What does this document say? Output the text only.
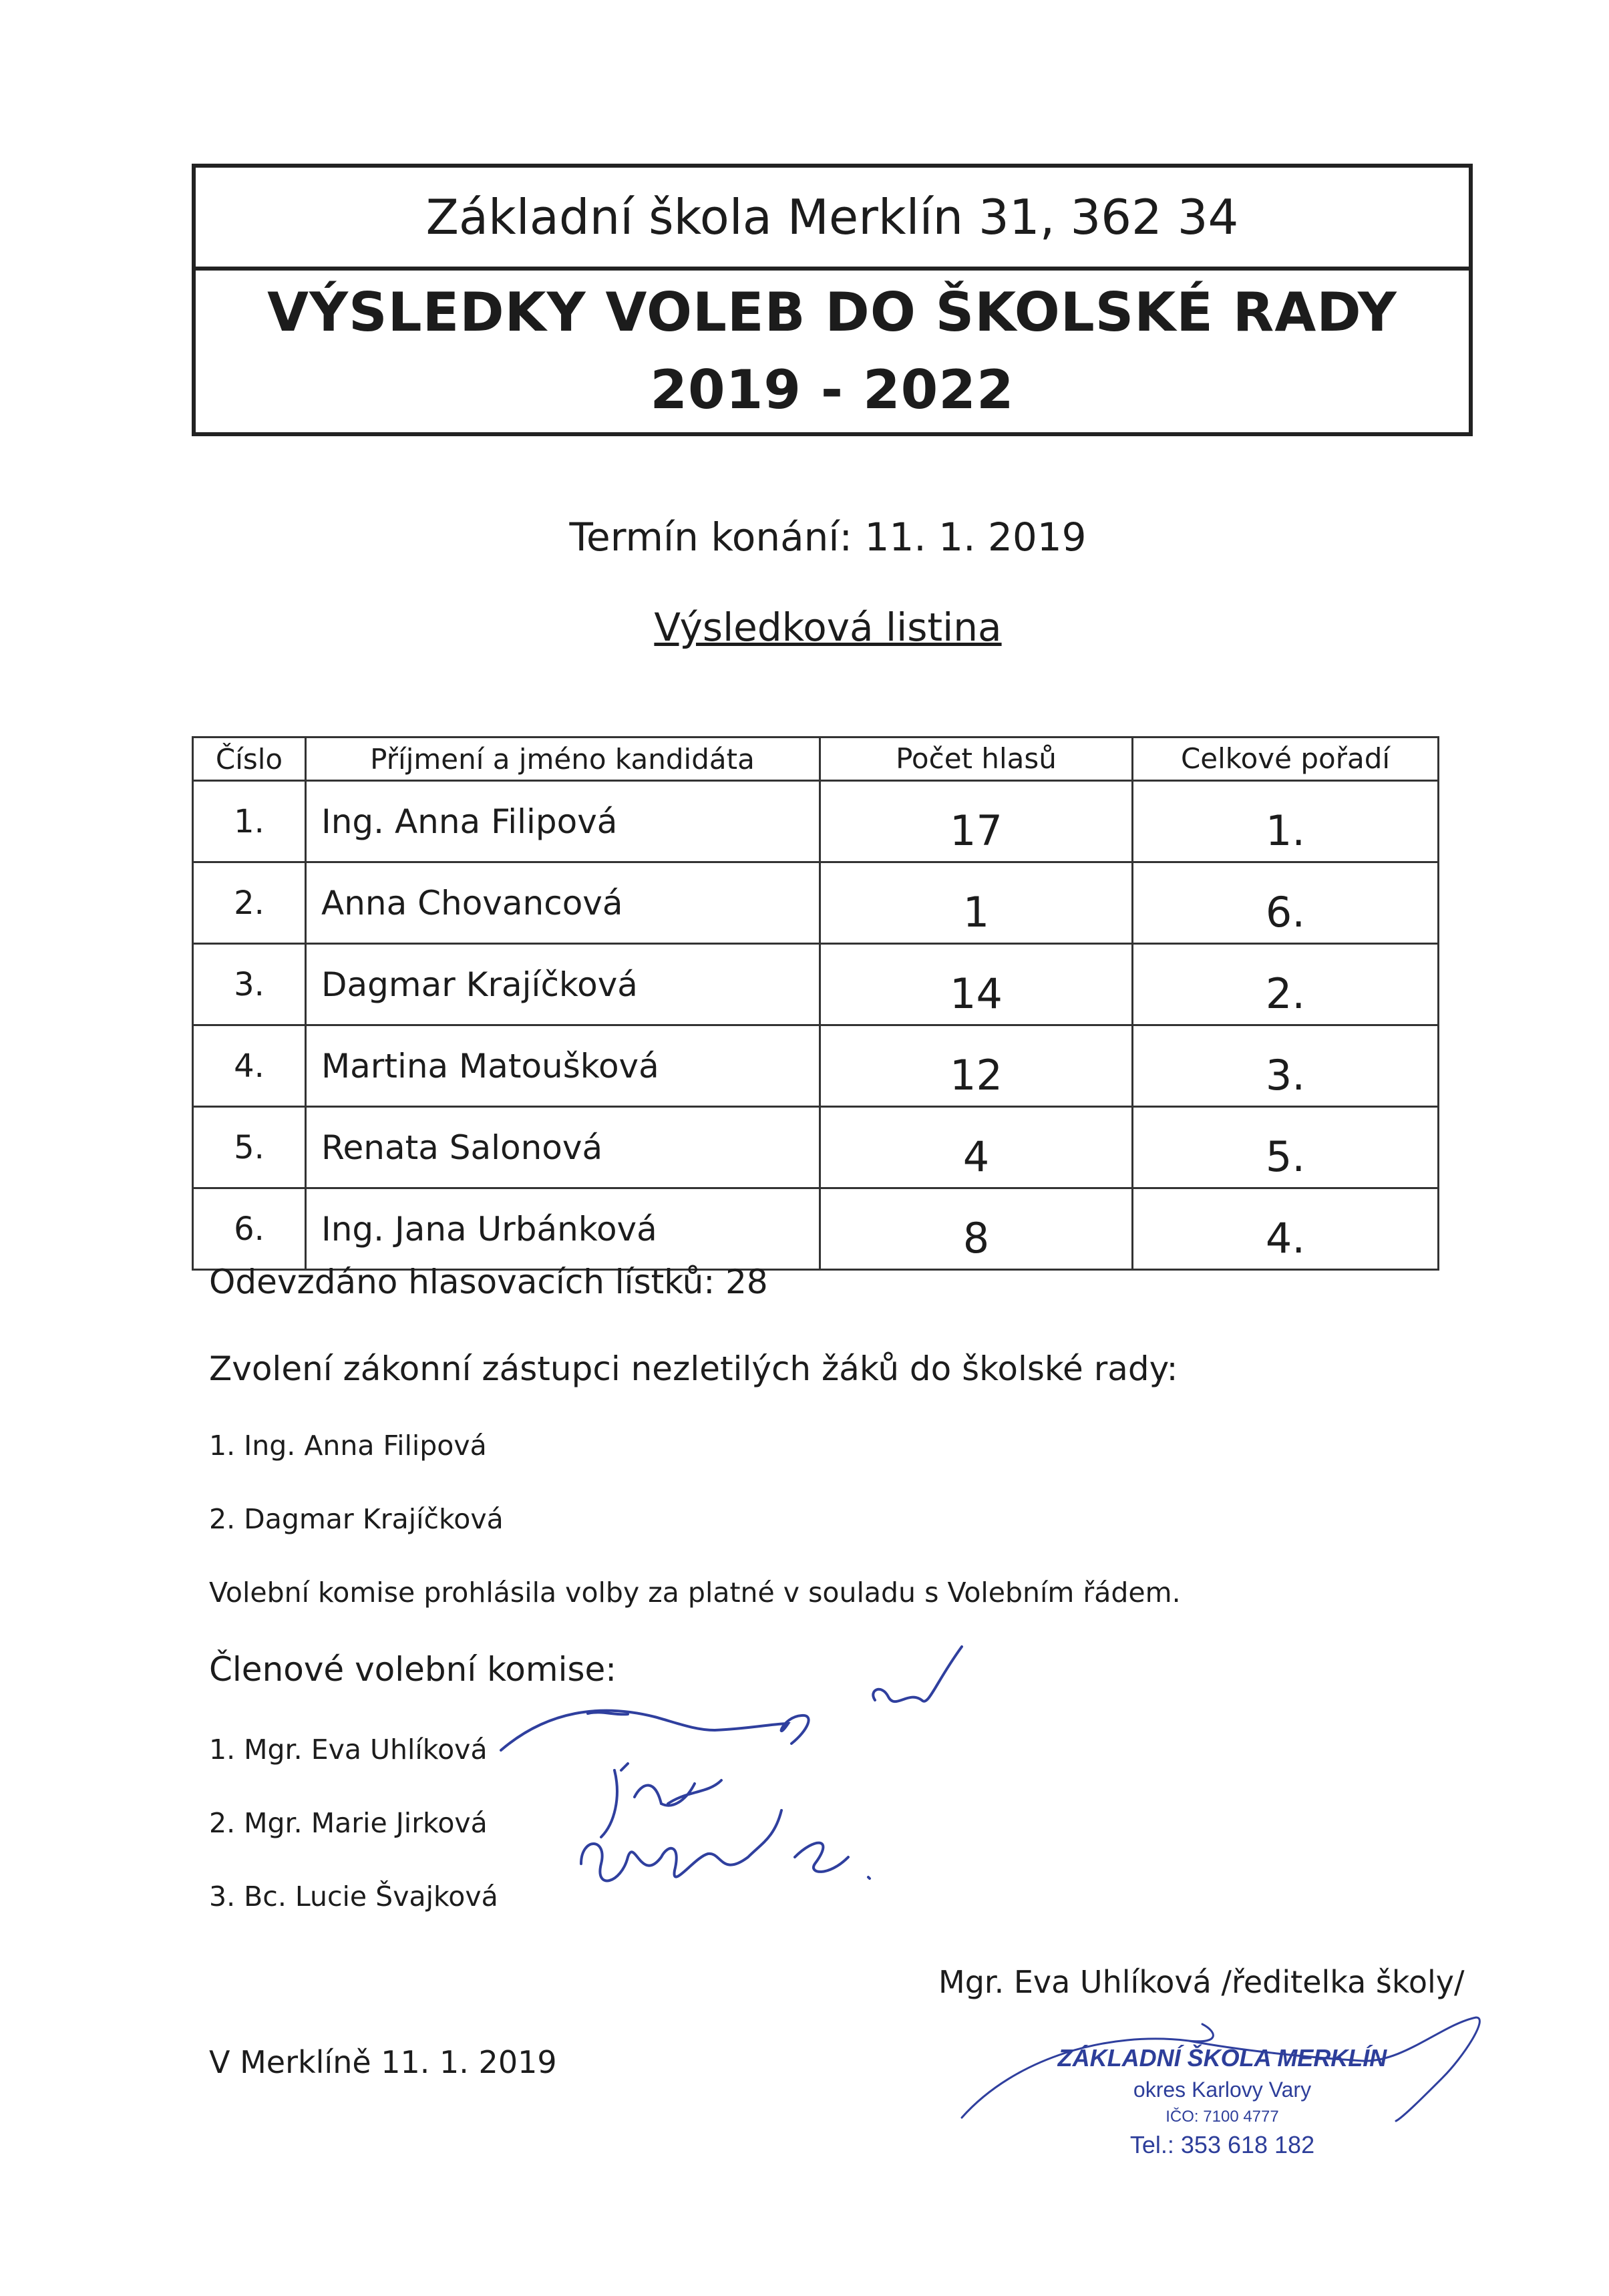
Základní škola Merklín 31, 362 34
VÝSLEDKY VOLEB DO ŠKOLSKÉ RADY
2019 - 2022
Termín konání: 11. 1. 2019
Výsledková listina
Číslo	Příjmení a jméno kandidáta	Počet hlasů	Celkové pořadí
1.	Ing. Anna Filipová	17	1.
2.	Anna Chovancová	1	6.
3.	Dagmar Krajíčková	14	2.
4.	Martina Matoušková	12	3.
5.	Renata Salonová	4	5.
6.	Ing. Jana Urbánková	8	4.
Odevzdáno hlasovacích lístků: 28
Zvolení zákonní zástupci nezletilých žáků do školské rady:
1. Ing. Anna Filipová
2. Dagmar Krajíčková
Volební komise prohlásila volby za platné v souladu s Volebním řádem.
Členové volební komise:
1. Mgr. Eva Uhlíková
2. Mgr. Marie Jirková
3. Bc. Lucie Švajková
Mgr. Eva Uhlíková /ředitelka školy/
V Merklíně 11. 1. 2019	ZÁKLADNÍ ŠKOLA MERKLÍN
okres Karlovy Vary
IČO: 7100 4777
Tel.: 353 618 182
